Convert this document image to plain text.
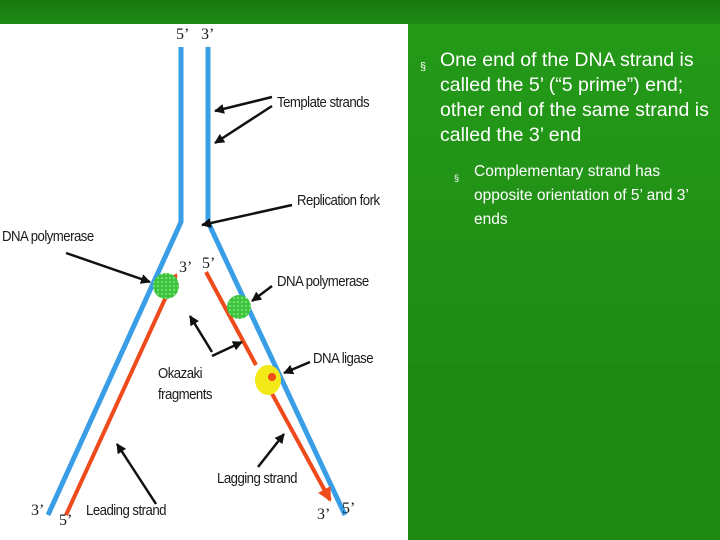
5’ 3’
Template strands
Replication fork
DNA polymerase
3’ 5’
DNA polymerase
DNA ligase
Okazaki
fragments
Lagging strand
Leading strand
3’
5’	3’ 5’
§ One end of the DNA strand is called the 5’ (“5 prime”) end; other end of the same strand is called the 3’ end
§ Complementary strand has opposite orientation of 5’ and 3’ ends
